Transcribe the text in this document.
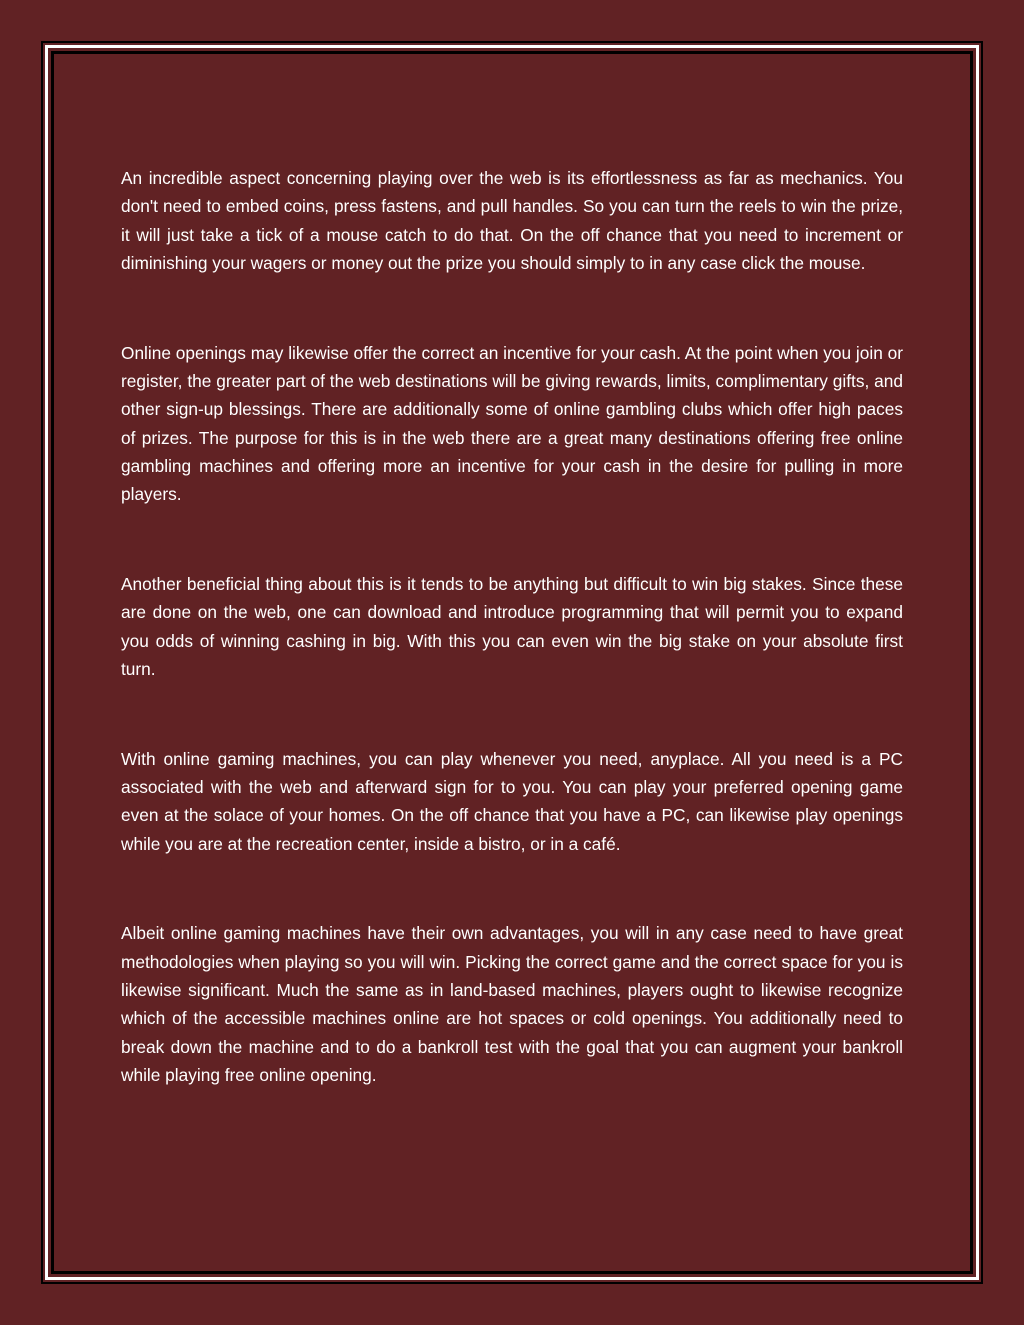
An incredible aspect concerning playing over the web is its effortlessness as far as mechanics. You don't need to embed coins, press fastens, and pull handles. So you can turn the reels to win the prize, it will just take a tick of a mouse catch to do that. On the off chance that you need to increment or diminishing your wagers or money out the prize you should simply to in any case click the mouse.

Online openings may likewise offer the correct an incentive for your cash. At the point when you join or register, the greater part of the web destinations will be giving rewards, limits, complimentary gifts, and other sign-up blessings. There are additionally some of online gambling clubs which offer high paces of prizes. The purpose for this is in the web there are a great many destinations offering free online gambling machines and offering more an incentive for your cash in the desire for pulling in more players.

Another beneficial thing about this is it tends to be anything but difficult to win big stakes. Since these are done on the web, one can download and introduce programming that will permit you to expand you odds of winning cashing in big. With this you can even win the big stake on your absolute first turn.

With online gaming machines, you can play whenever you need, anyplace. All you need is a PC associated with the web and afterward sign for to you. You can play your preferred opening game even at the solace of your homes. On the off chance that you have a PC, can likewise play openings while you are at the recreation center, inside a bistro, or in a café.

Albeit online gaming machines have their own advantages, you will in any case need to have great methodologies when playing so you will win. Picking the correct game and the correct space for you is likewise significant. Much the same as in land-based machines, players ought to likewise recognize which of the accessible machines online are hot spaces or cold openings. You additionally need to break down the machine and to do a bankroll test with the goal that you can augment your bankroll while playing free online opening.
